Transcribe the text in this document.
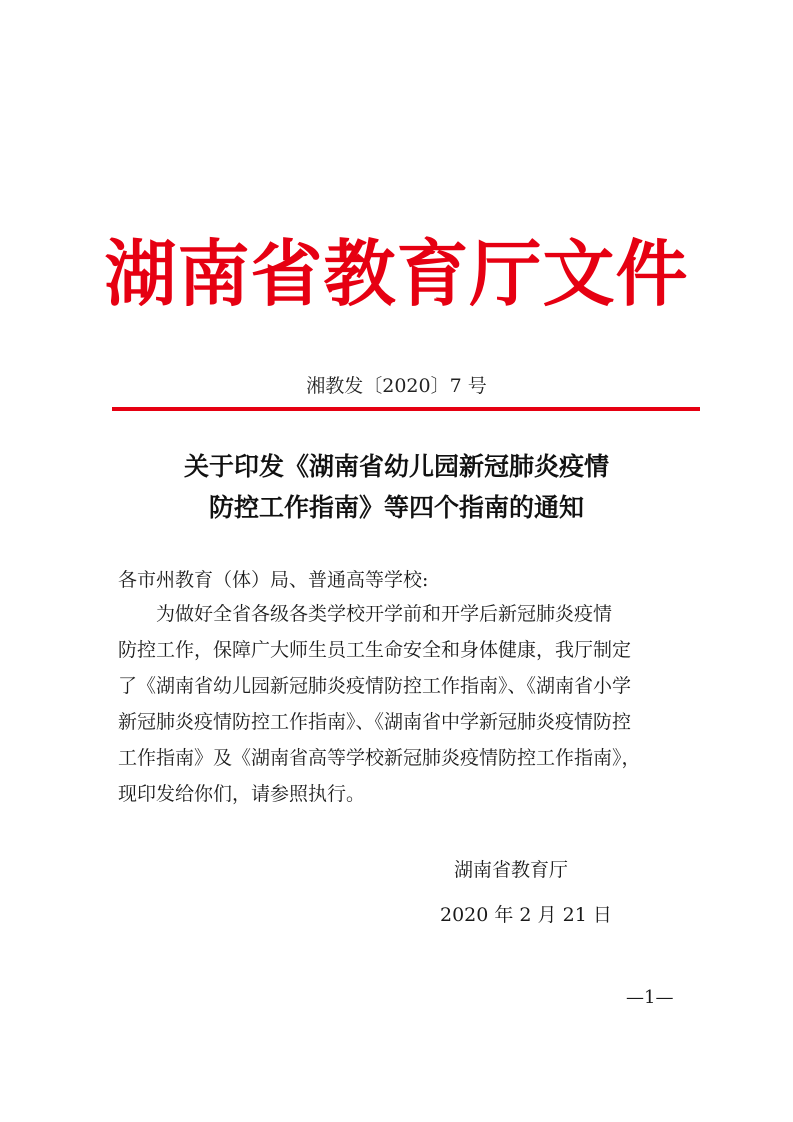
湖南省教育厅文件
湘教发〔2020〕7 号
关于印发《湖南省幼儿园新冠肺炎疫情
防控工作指南》等四个指南的通知
各市州教育（体）局、普通高等学校:
为做好全省各级各类学校开学前和开学后新冠肺炎疫情
防控工作，保障广大师生员工生命安全和身体健康，我厅制定
了《湖南省幼儿园新冠肺炎疫情防控工作指南》、《湖南省小学
新冠肺炎疫情防控工作指南》、《湖南省中学新冠肺炎疫情防控
工作指南》及《湖南省高等学校新冠肺炎疫情防控工作指南》，
现印发给你们，请参照执行。
湖南省教育厅
2020 年 2 月 21 日
—1—
